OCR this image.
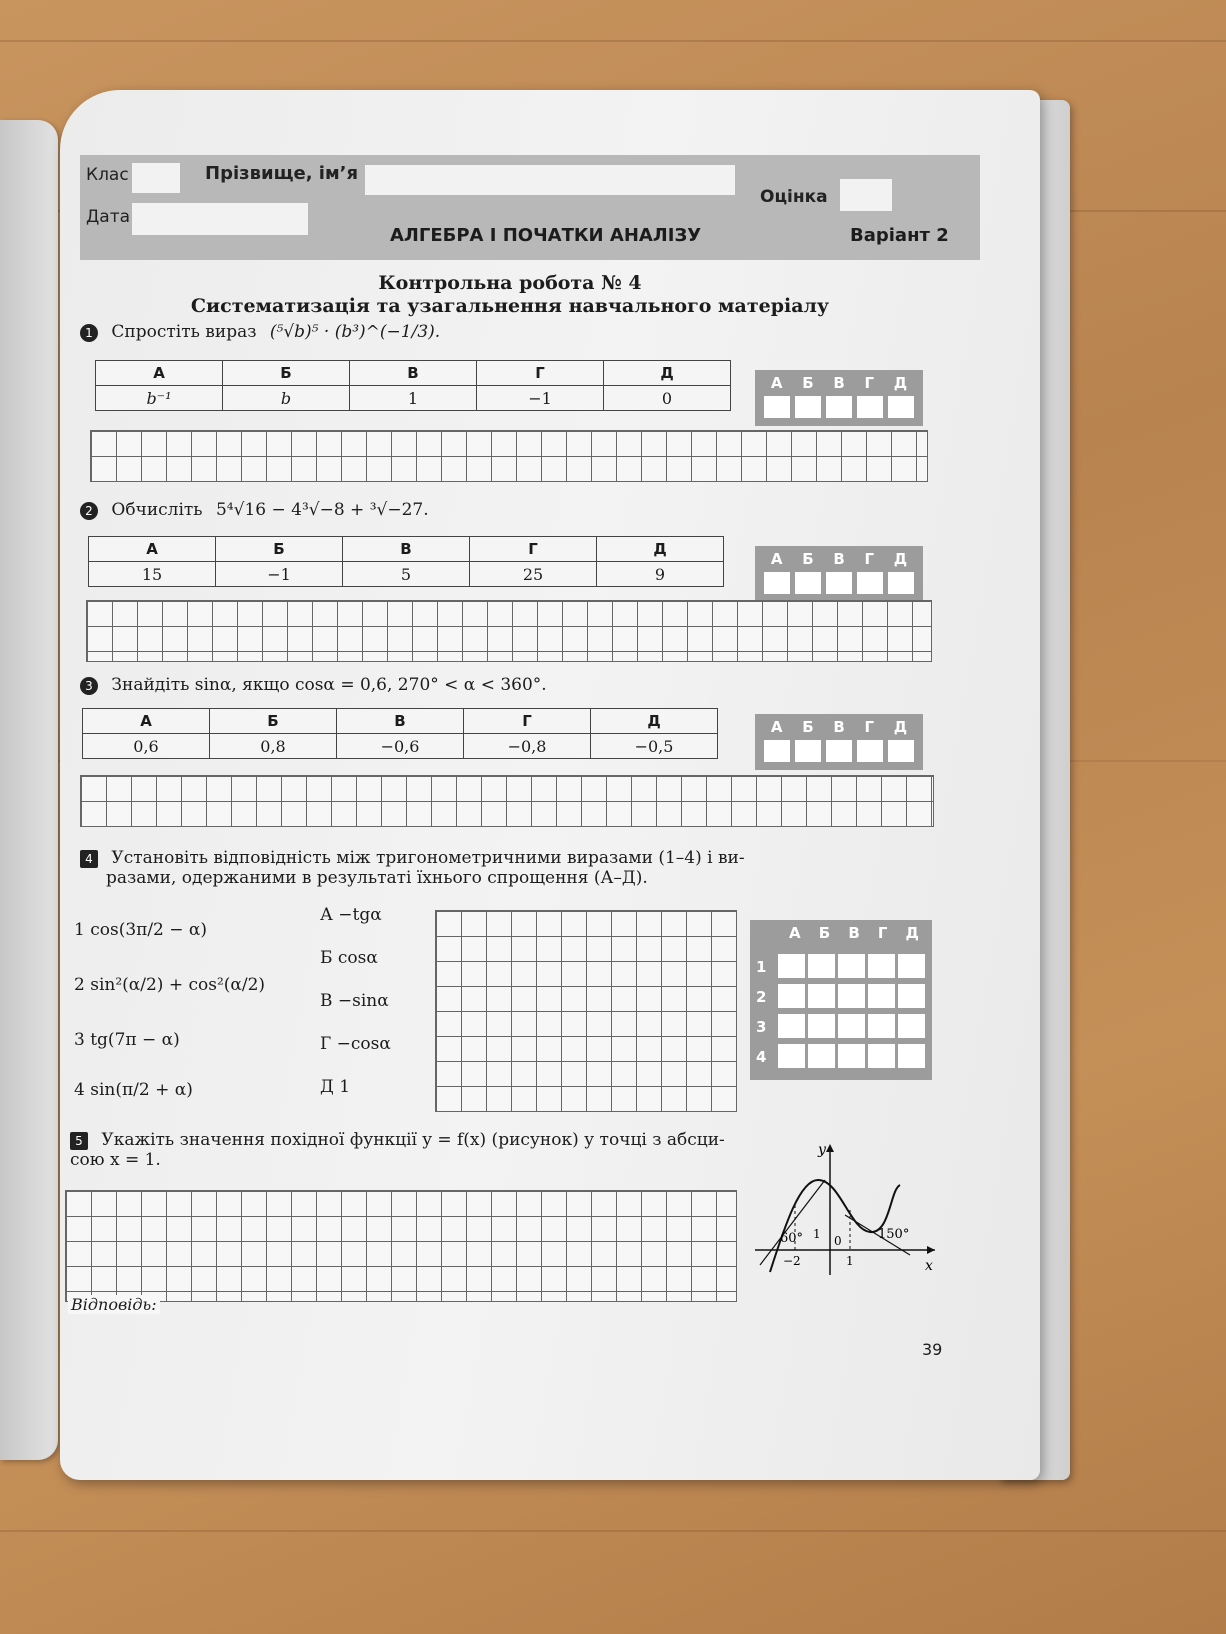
Клас	Прізвище, ім’я
Оцінка
Дата
АЛГЕБРА І ПОЧАТКИ АНАЛІЗУ	Варіант 2
Контрольна робота № 4
Систематизація та узагальнення навчального матеріалу
1 Спростіть вираз (⁵√b)⁵ · (b³)^(−1/3).
А	Б	В	Г	Д
b⁻¹	b	1	−1	0
А Б В Г Д
2 Обчисліть 5⁴√16 − 4³√−8 + ³√−27.
А	Б	В	Г	Д
15	−1	5	25	9
А Б В Г Д
3 Знайдіть sinα, якщо cosα = 0,6, 270° < α < 360°.
А	Б	В	Г	Д
0,6	0,8	−0,6	−0,8	−0,5
А Б В Г Д
4 Установіть відповідність між тригонометричними виразами (1–4) і ви-
разами, одержаними в результаті їхнього спрощення (А–Д).
1 cos(3π/2 − α)
2 sin²(α/2) + cos²(α/2)
3 tg(7π − α)
4 sin(π/2 + α)
А −tgα
Б cosα
В −sinα
Г −cosα
Д 1
А Б В Г Д
1
2
3
4
5 Укажіть значення похідної функції y = f(x) (рисунок) у точці з абсци-
сою x = 1.
Відповідь:
y
x
60°	150°
1 0
−2	1
39
